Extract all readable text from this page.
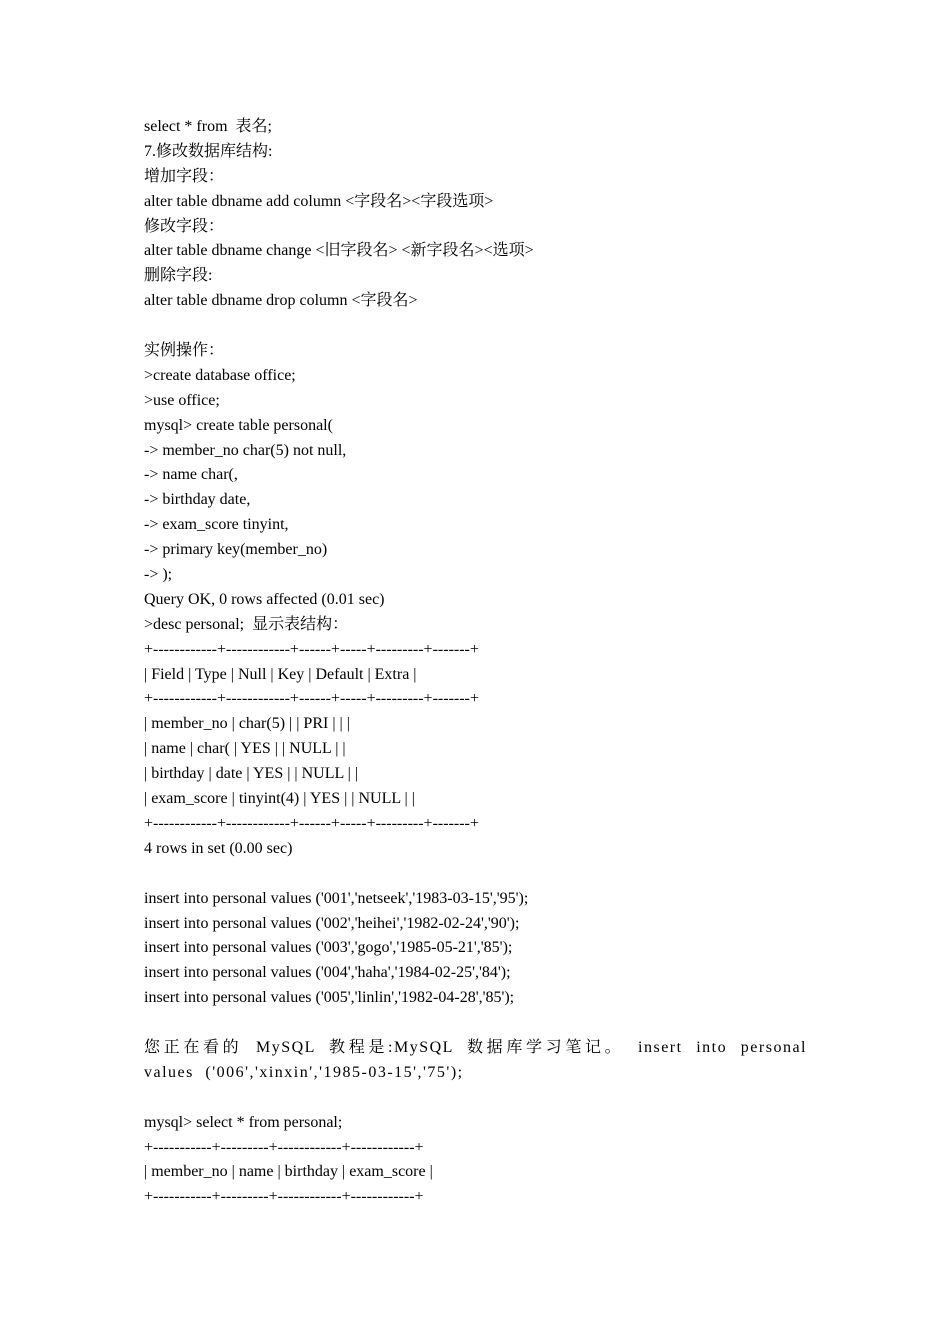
select * from  表名;
7.修改数据库结构:
增加字段：
alter table dbname add column <字段名><字段选项>
修改字段：
alter table dbname change <旧字段名> <新字段名><选项>
删除字段:
alter table dbname drop column <字段名>
实例操作：
>create database office;
>use office;
mysql> create table personal(
-> member_no char(5) not null,
-> name char(,
-> birthday date,
-> exam_score tinyint,
-> primary key(member_no)
-> );
Query OK, 0 rows affected (0.01 sec)
>desc personal;  显示表结构：
+------------+------------+------+-----+---------+-------+
| Field | Type | Null | Key | Default | Extra |
+------------+------------+------+-----+---------+-------+
| member_no | char(5) | | PRI | | |
| name | char( | YES | | NULL | |
| birthday | date | YES | | NULL | |
| exam_score | tinyint(4) | YES | | NULL | |
+------------+------------+------+-----+---------+-------+
4 rows in set (0.00 sec)
insert into personal values ('001','netseek','1983-03-15','95');
insert into personal values ('002','heihei','1982-02-24','90');
insert into personal values ('003','gogo','1985-05-21','85');
insert into personal values ('004','haha','1984-02-25','84');
insert into personal values ('005','linlin','1982-04-28','85');
您正在看的 MySQL 教程是:MySQL 数据库学习笔记。 insert into personal values ('006','xinxin','1985-03-15','75');
mysql> select * from personal;
+-----------+---------+------------+------------+
| member_no | name | birthday | exam_score |
+-----------+---------+------------+------------+
